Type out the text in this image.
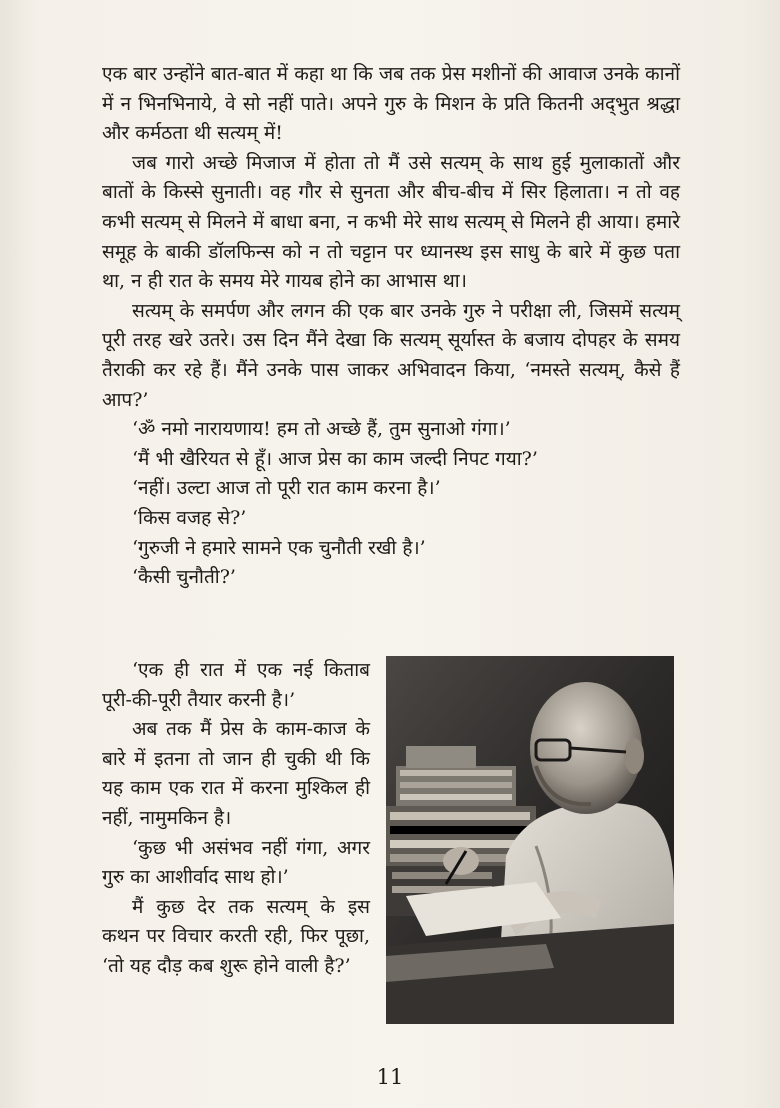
एक बार उन्होंने बात-बात में कहा था कि जब तक प्रेस मशीनों की आवाज उनके कानों में न भिनभिनाये, वे सो नहीं पाते। अपने गुरु के मिशन के प्रति कितनी अद्‌भुत श्रद्धा और कर्मठता थी सत्यम्‌ में!

जब गारो अच्छे मिजाज में होता तो मैं उसे सत्यम्‌ के साथ हुई मुलाकातों और बातों के किस्से सुनाती। वह गौर से सुनता और बीच-बीच में सिर हिलाता। न तो वह कभी सत्यम्‌ से मिलने में बाधा बना, न कभी मेरे साथ सत्यम्‌ से मिलने ही आया। हमारे समूह के बाकी डॉलफिन्स को न तो चट्टान पर ध्यानस्थ इस साधु के बारे में कुछ पता था, न ही रात के समय मेरे गायब होने का आभास था।

सत्यम्‌ के समर्पण और लगन की एक बार उनके गुरु ने परीक्षा ली, जिसमें सत्यम्‌ पूरी तरह खरे उतरे। उस दिन मैंने देखा कि सत्यम्‌ सूर्यास्त के बजाय दोपहर के समय तैराकी कर रहे हैं। मैंने उनके पास जाकर अभिवादन किया, ‘नमस्ते सत्यम्‌, कैसे हैं आप?’

‘ॐ नमो नारायणाय! हम तो अच्छे हैं, तुम सुनाओ गंगा।’

‘मैं भी खैरियत से हूँ। आज प्रेस का काम जल्दी निपट गया?’

‘नहीं। उल्टा आज तो पूरी रात काम करना है।’

‘किस वजह से?’

‘गुरुजी ने हमारे सामने एक चुनौती रखी है।’

‘कैसी चुनौती?’

‘एक ही रात में एक नई किताब पूरी-की-पूरी तैयार करनी है।’

अब तक मैं प्रेस के काम-काज के बारे में इतना तो जान ही चुकी थी कि यह काम एक रात में करना मुश्किल ही नहीं, नामुमकिन है।

‘कुछ भी असंभव नहीं गंगा, अगर गुरु का आशीर्वाद साथ हो।’

मैं कुछ देर तक सत्यम्‌ के इस कथन पर विचार करती रही, फिर पूछा, ‘तो यह दौड़ कब शुरू होने वाली है?’

11
